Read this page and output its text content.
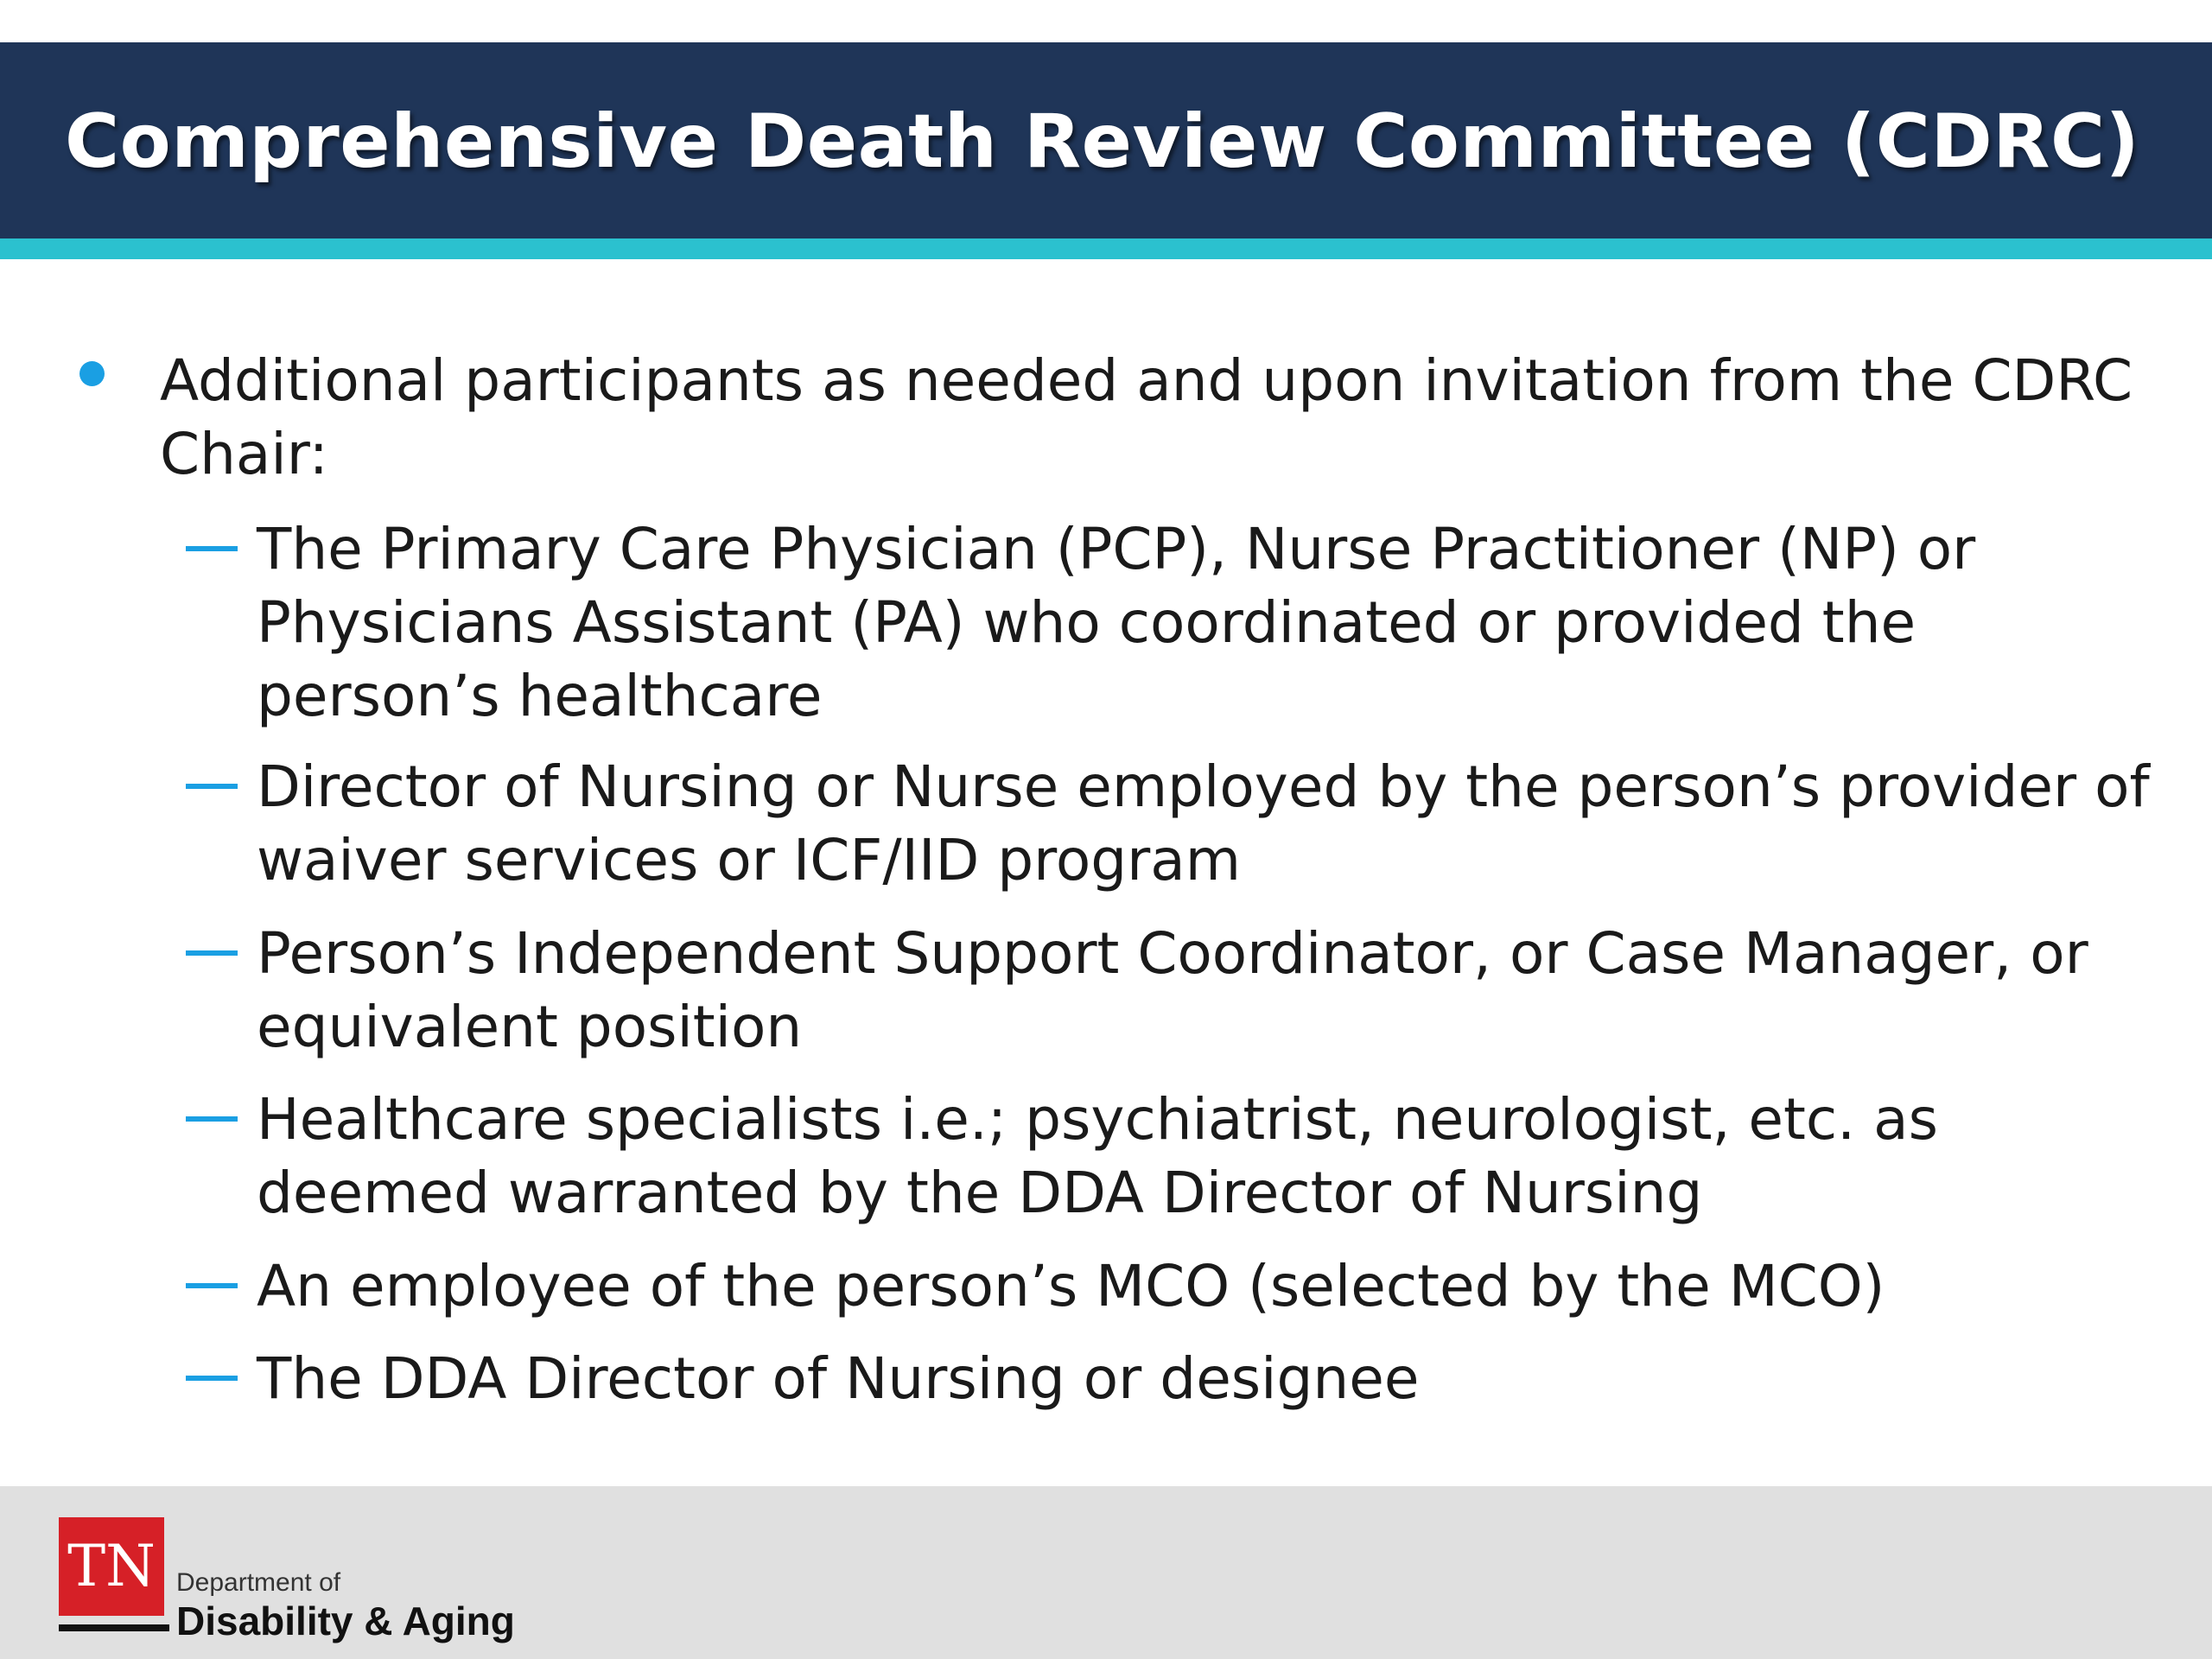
Comprehensive Death Review Committee (CDRC)
Additional participants as needed and upon invitation from the CDRC Chair:
The Primary Care Physician (PCP), Nurse Practitioner (NP) or Physicians Assistant (PA) who coordinated or provided the person’s healthcare
Director of Nursing or Nurse employed by the person’s provider of waiver services or ICF/IID program
Person’s Independent Support Coordinator, or Case Manager, or equivalent position
Healthcare specialists i.e.; psychiatrist, neurologist, etc. as deemed warranted by the DDA Director of Nursing
An employee of the person’s MCO (selected by the MCO)
The DDA Director of Nursing or designee
TN Department of
Disability & Aging
